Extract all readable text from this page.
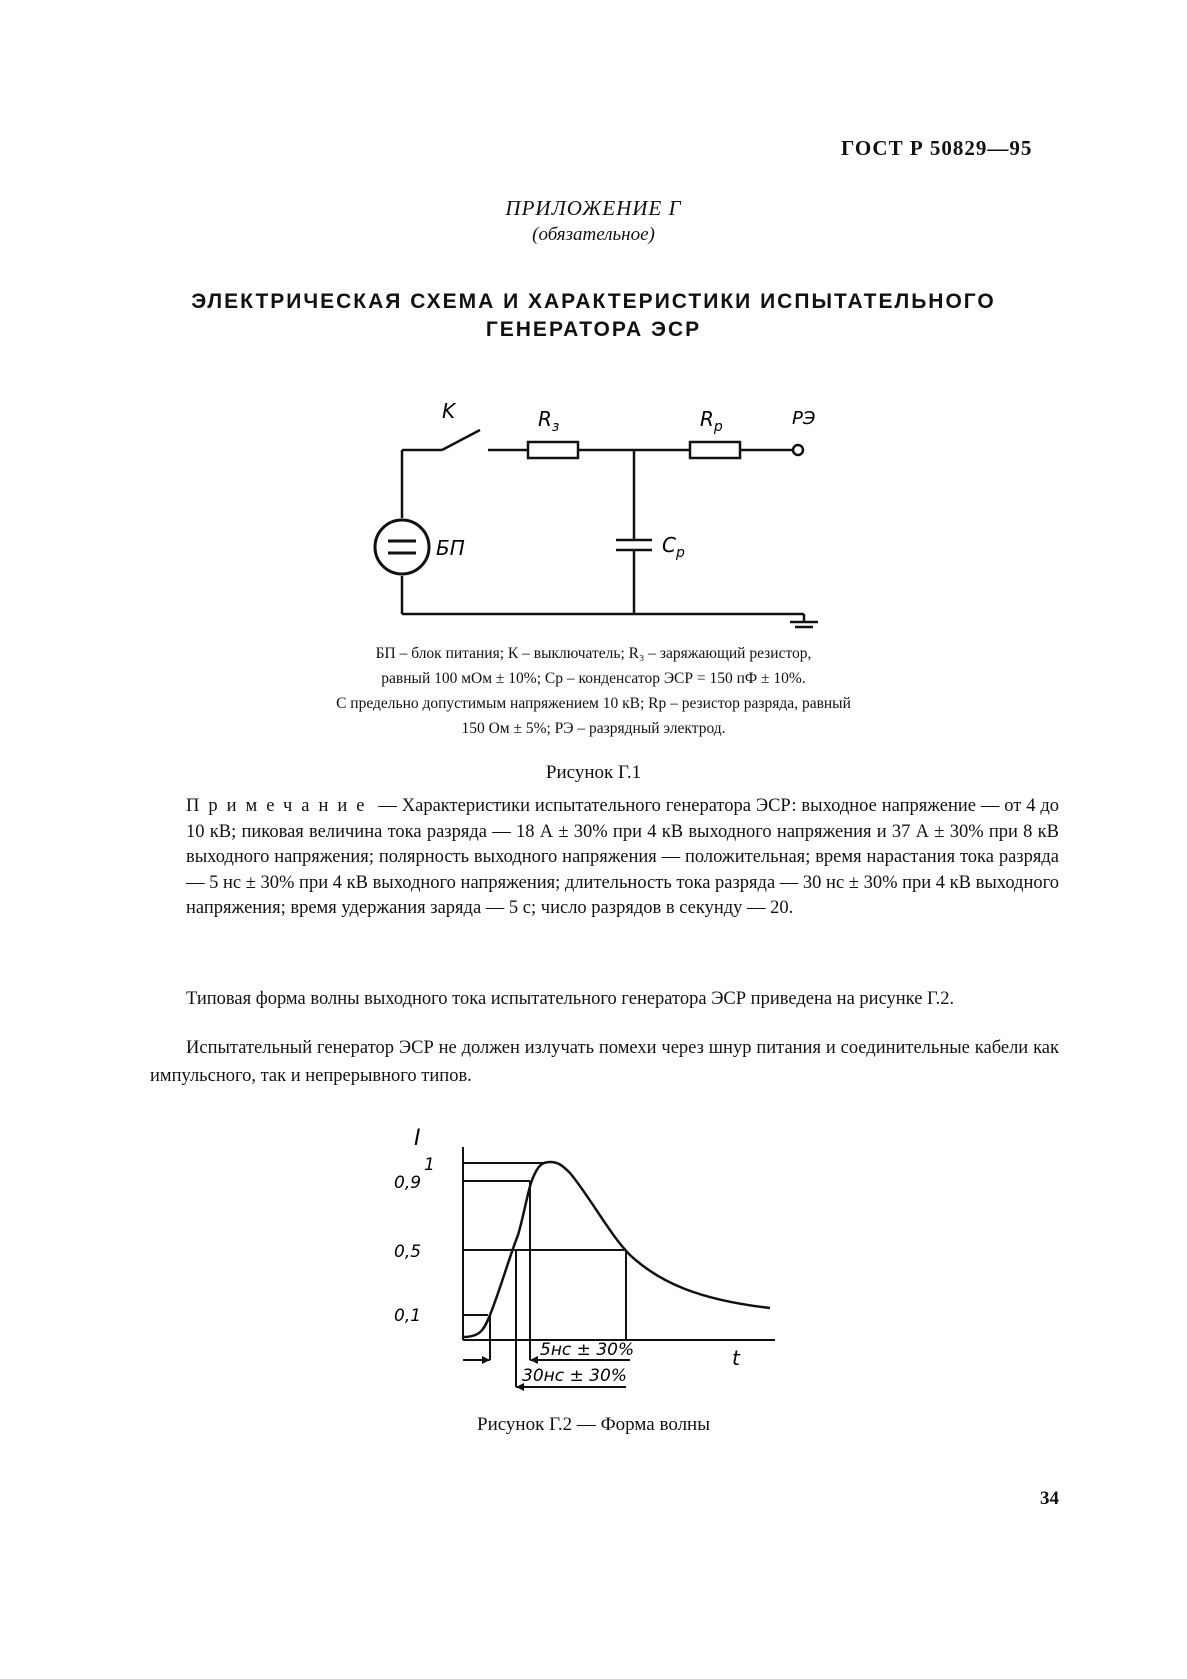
ГОСТ Р 50829—95
ПРИЛОЖЕНИЕ Г
(обязательное)
ЭЛЕКТРИЧЕСКАЯ СХЕМА И ХАРАКТЕРИСТИКИ ИСПЫТАТЕЛЬНОГО
ГЕНЕРАТОРА ЭСР
K	$R_з$	$R_р$	РЭ
БП	$С_р$
БП – блок питания; К – выключатель; R₃ – заряжающий резистор,
равный 100 мОм ± 10%; Ср – конденсатор ЭСР = 150 пФ ± 10%.
С предельно допустимым напряжением 10 кВ; Rр – резистор разряда, равный
150 Ом ± 5%; РЭ – разрядный электрод.
Рисунок Г.1
Примечание — Характеристики испытательного генератора ЭСР: выходное напряжение — от 4 до 10 кВ; пиковая величина тока разряда — 18 А ± 30% при 4 кВ выходного напряжения и 37 А ± 30% при 8 кВ выходного напряжения; полярность выходного напряжения — положительная; время нарастания тока разряда — 5 нс ± 30% при 4 кВ выходного напряжения; длительность тока разряда — 30 нс ± 30% при 4 кВ выходного напряжения; время удержания заряда — 5 с; число разрядов в секунду — 20.
Типовая форма волны выходного тока испытательного генератора ЭСР приведена на рисунке Г.2.
Испытательный генератор ЭСР не должен излучать помехи через шнур питания и соединительные кабели как импульсного, так и непрерывного типов.
I
t
1
0,9
0,5
0,1
5нс ± 30%
30нс ± 30%
Рисунок Г.2 — Форма волны
34
